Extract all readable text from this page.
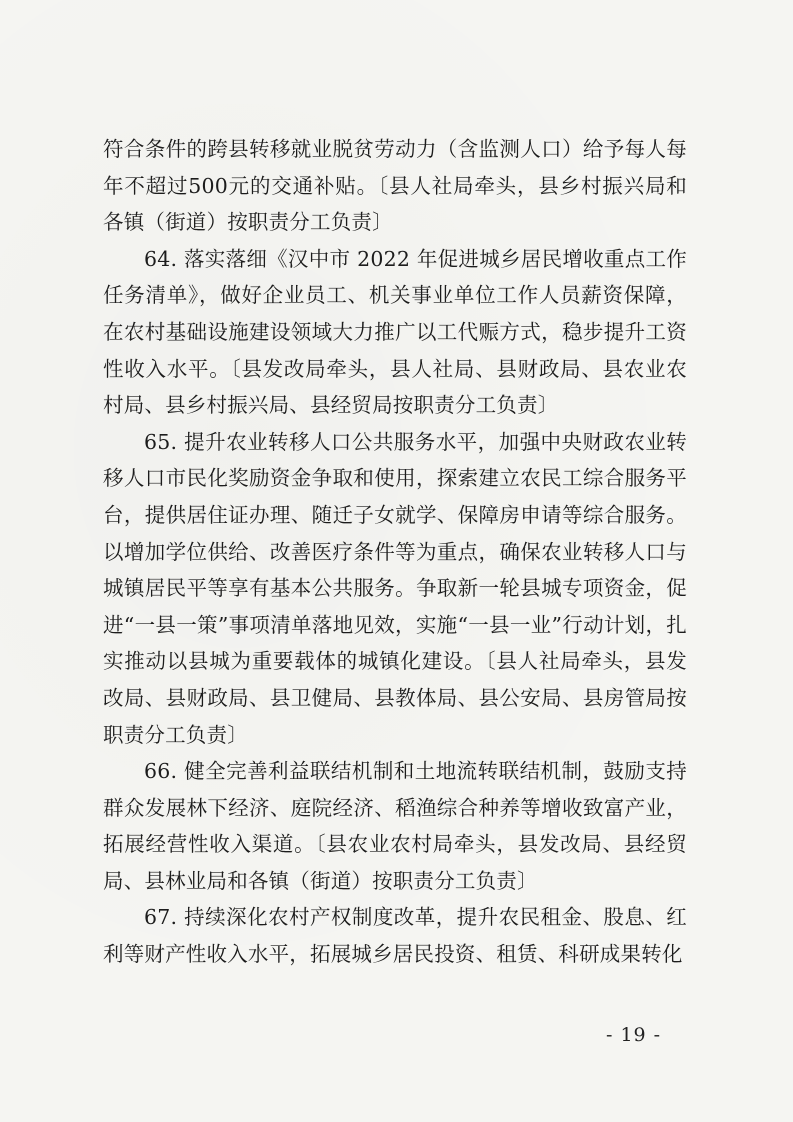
符合条件的跨县转移就业脱贫劳动力（含监测人口）给予每人每年不超过500元的交通补贴。〔县人社局牵头，县乡村振兴局和各镇（街道）按职责分工负责〕

64. 落实落细《汉中市 2022 年促进城乡居民增收重点工作任务清单》，做好企业员工、机关事业单位工作人员薪资保障，在农村基础设施建设领域大力推广以工代赈方式，稳步提升工资性收入水平。〔县发改局牵头，县人社局、县财政局、县农业农村局、县乡村振兴局、县经贸局按职责分工负责〕

65. 提升农业转移人口公共服务水平，加强中央财政农业转移人口市民化奖励资金争取和使用，探索建立农民工综合服务平台，提供居住证办理、随迁子女就学、保障房申请等综合服务。以增加学位供给、改善医疗条件等为重点，确保农业转移人口与城镇居民平等享有基本公共服务。争取新一轮县城专项资金，促进“一县一策”事项清单落地见效，实施“一县一业”行动计划，扎实推动以县城为重要载体的城镇化建设。〔县人社局牵头，县发改局、县财政局、县卫健局、县教体局、县公安局、县房管局按职责分工负责〕

66. 健全完善利益联结机制和土地流转联结机制，鼓励支持群众发展林下经济、庭院经济、稻渔综合种养等增收致富产业，拓展经营性收入渠道。〔县农业农村局牵头，县发改局、县经贸局、县林业局和各镇（街道）按职责分工负责〕

67. 持续深化农村产权制度改革，提升农民租金、股息、红利等财产性收入水平，拓展城乡居民投资、租赁、科研成果转化

- 19 -
